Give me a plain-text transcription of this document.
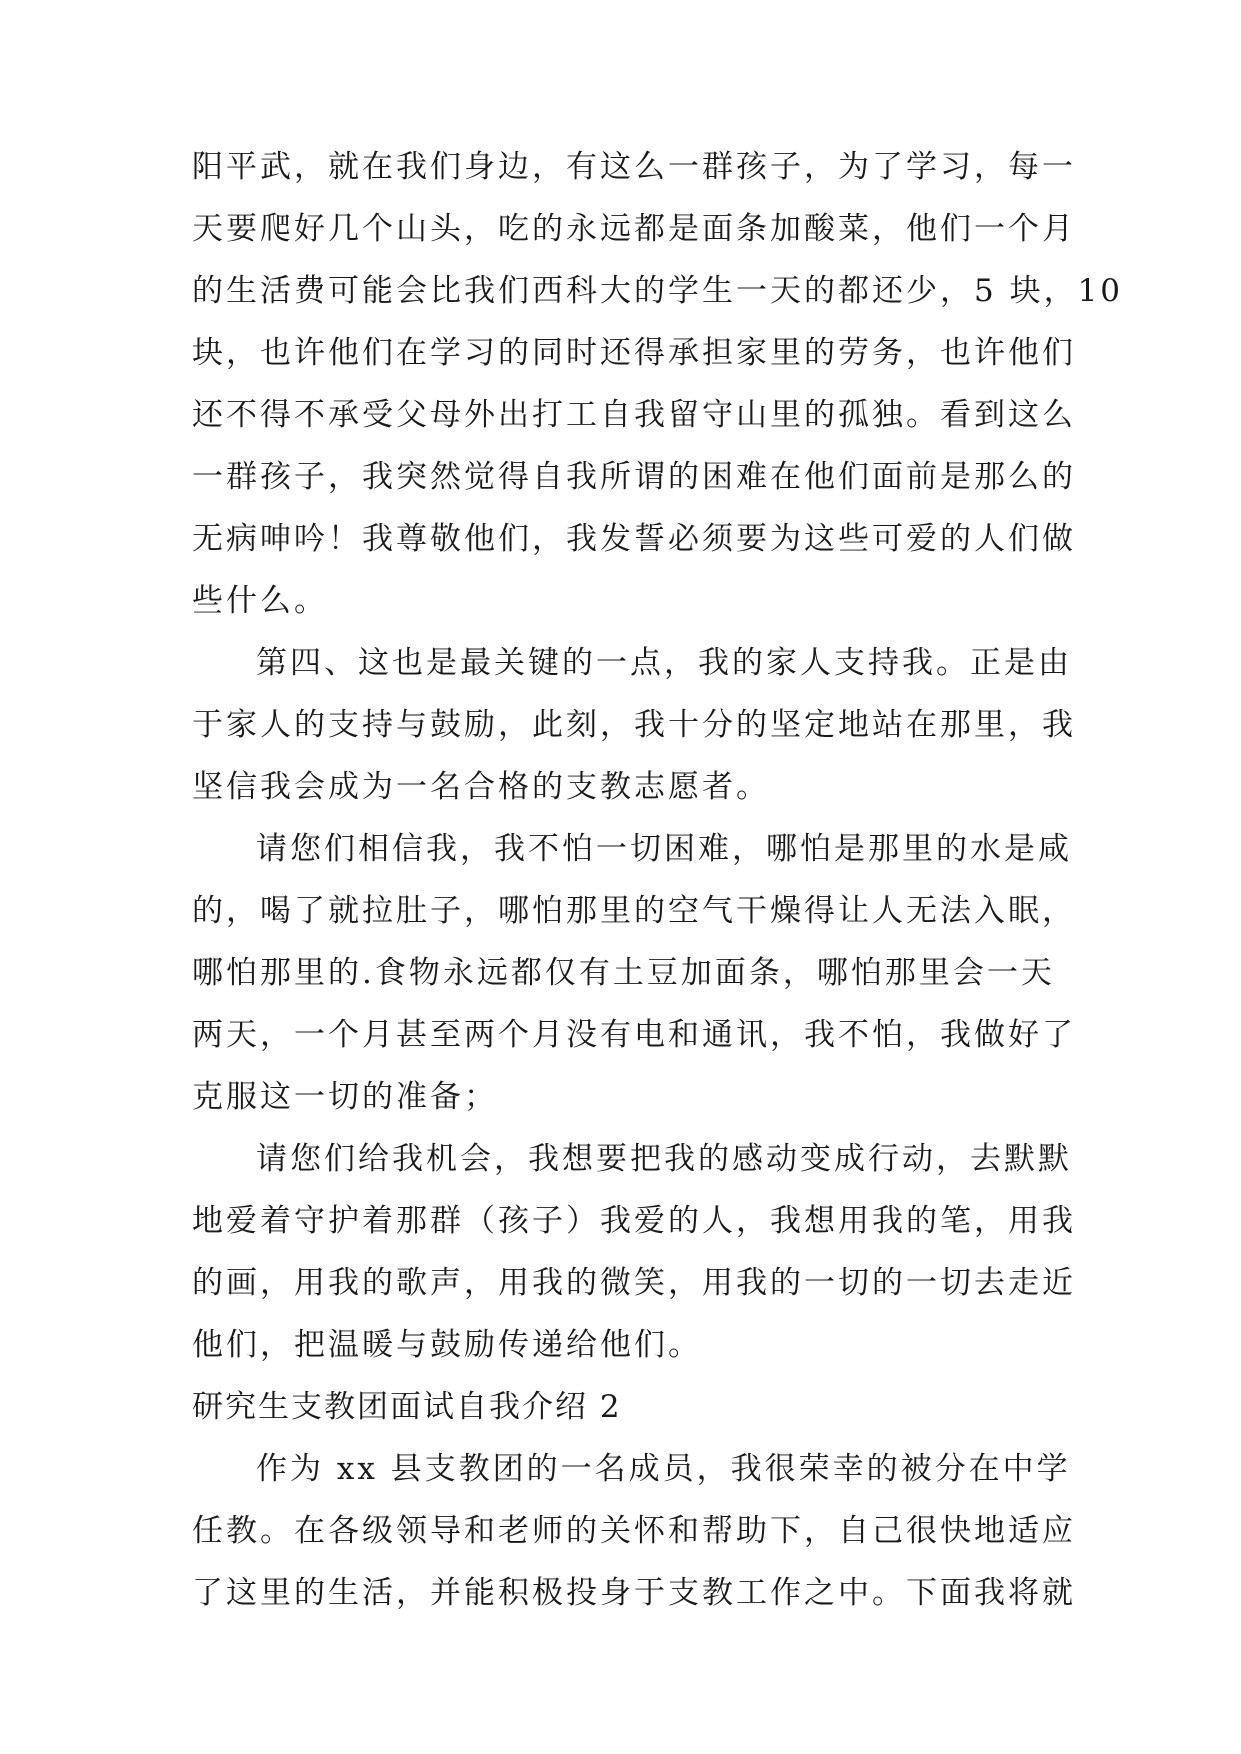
阳平武，就在我们身边，有这么一群孩子，为了学习，每一
天要爬好几个山头，吃的永远都是面条加酸菜，他们一个月
的生活费可能会比我们西科大的学生一天的都还少，5 块，10
块，也许他们在学习的同时还得承担家里的劳务，也许他们
还不得不承受父母外出打工自我留守山里的孤独。看到这么
一群孩子，我突然觉得自我所谓的困难在他们面前是那么的
无病呻吟！我尊敬他们，我发誓必须要为这些可爱的人们做
些什么。
第四、这也是最关键的一点，我的家人支持我。正是由
于家人的支持与鼓励，此刻，我十分的坚定地站在那里，我
坚信我会成为一名合格的支教志愿者。
请您们相信我，我不怕一切困难，哪怕是那里的水是咸
的，喝了就拉肚子，哪怕那里的空气干燥得让人无法入眠，
哪怕那里的.食物永远都仅有土豆加面条，哪怕那里会一天
两天，一个月甚至两个月没有电和通讯，我不怕，我做好了
克服这一切的准备；
请您们给我机会，我想要把我的感动变成行动，去默默
地爱着守护着那群（孩子）我爱的人，我想用我的笔，用我
的画，用我的歌声，用我的微笑，用我的一切的一切去走近
他们，把温暖与鼓励传递给他们。
研究生支教团面试自我介绍 2
作为 xx 县支教团的一名成员，我很荣幸的被分在中学
任教。在各级领导和老师的关怀和帮助下，自己很快地适应
了这里的生活，并能积极投身于支教工作之中。下面我将就
